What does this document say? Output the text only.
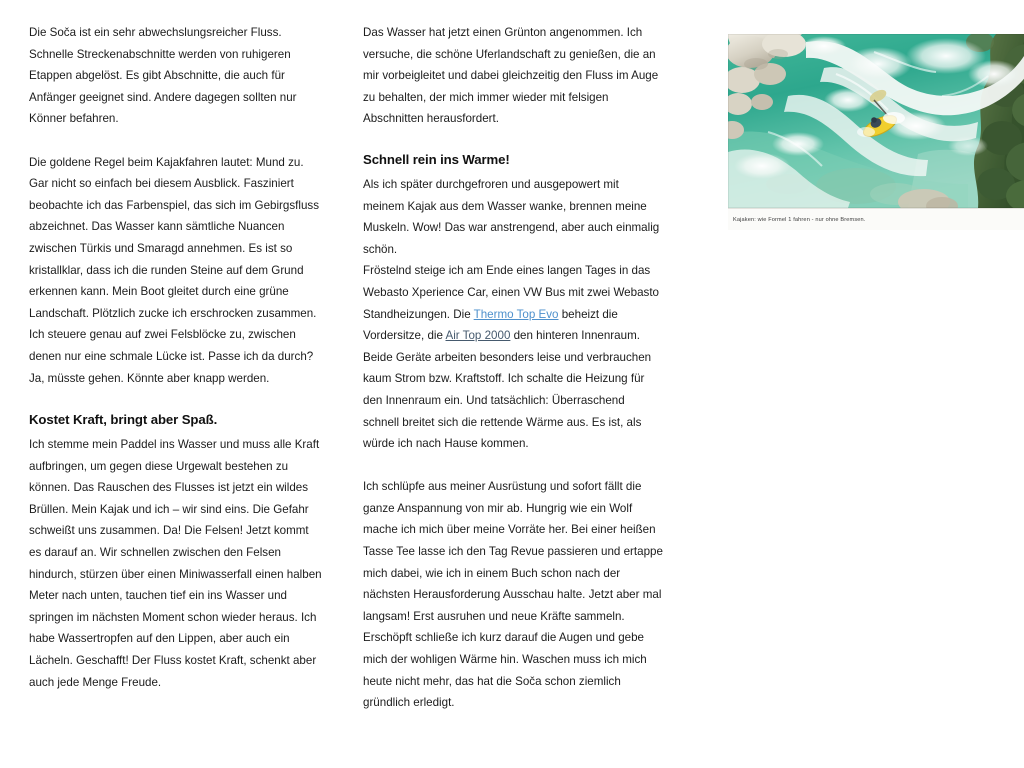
Die Soča ist ein sehr abwechslungsreicher Fluss. Schnelle Streckenabschnitte werden von ruhigeren Etappen abgelöst. Es gibt Abschnitte, die auch für Anfänger geeignet sind. Andere dagegen sollten nur Könner befahren.

Die goldene Regel beim Kajakfahren lautet: Mund zu. Gar nicht so einfach bei diesem Ausblick. Fasziniert beobachte ich das Farbenspiel, das sich im Gebirgsfluss abzeichnet. Das Wasser kann sämtliche Nuancen zwischen Türkis und Smaragd annehmen. Es ist so kristallklar, dass ich die runden Steine auf dem Grund erkennen kann. Mein Boot gleitet durch eine grüne Landschaft. Plötzlich zucke ich erschrocken zusammen. Ich steuere genau auf zwei Felsblöcke zu, zwischen denen nur eine schmale Lücke ist. Passe ich da durch? Ja, müsste gehen. Könnte aber knapp werden.

Kostet Kraft, bringt aber Spaß.

Ich stemme mein Paddel ins Wasser und muss alle Kraft aufbringen, um gegen diese Urgewalt bestehen zu können. Das Rauschen des Flusses ist jetzt ein wildes Brüllen. Mein Kajak und ich – wir sind eins. Die Gefahr schweißt uns zusammen. Da! Die Felsen! Jetzt kommt es darauf an. Wir schnellen zwischen den Felsen hindurch, stürzen über einen Miniwasserfall einen halben Meter nach unten, tauchen tief ein ins Wasser und springen im nächsten Moment schon wieder heraus. Ich habe Wassertropfen auf den Lippen, aber auch ein Lächeln. Geschafft! Der Fluss kostet Kraft, schenkt aber auch jede Menge Freude.

Das Wasser hat jetzt einen Grünton angenommen. Ich versuche, die schöne Uferlandschaft zu genießen, die an mir vorbeigleitet und dabei gleichzeitig den Fluss im Auge zu behalten, der mich immer wieder mit felsigen Abschnitten herausfordert.

Schnell rein ins Warme!

Als ich später durchgefroren und ausgepowert mit meinem Kajak aus dem Wasser wanke, brennen meine Muskeln. Wow! Das war anstrengend, aber auch einmalig schön.

Fröstelnd steige ich am Ende eines langen Tages in das Webasto Xperience Car, einen VW Bus mit zwei Webasto Standheizungen. Die Thermo Top Evo beheizt die Vordersitze, die Air Top 2000 den hinteren Innenraum. Beide Geräte arbeiten besonders leise und verbrauchen kaum Strom bzw. Kraftstoff. Ich schalte die Heizung für den Innenraum ein. Und tatsächlich: Überraschend schnell breitet sich die rettende Wärme aus. Es ist, als würde ich nach Hause kommen.

Ich schlüpfe aus meiner Ausrüstung und sofort fällt die ganze Anspannung von mir ab. Hungrig wie ein Wolf mache ich mich über meine Vorräte her. Bei einer heißen Tasse Tee lasse ich den Tag Revue passieren und ertappe mich dabei, wie ich in einem Buch schon nach der nächsten Herausforderung Ausschau halte. Jetzt aber mal langsam! Erst ausruhen und neue Kräfte sammeln. Erschöpft schließe ich kurz darauf die Augen und gebe mich der wohligen Wärme hin. Waschen muss ich mich heute nicht mehr, das hat die Soča schon ziemlich gründlich erledigt.

Kajaken: wie Formel 1 fahren - nur ohne Bremsen.
